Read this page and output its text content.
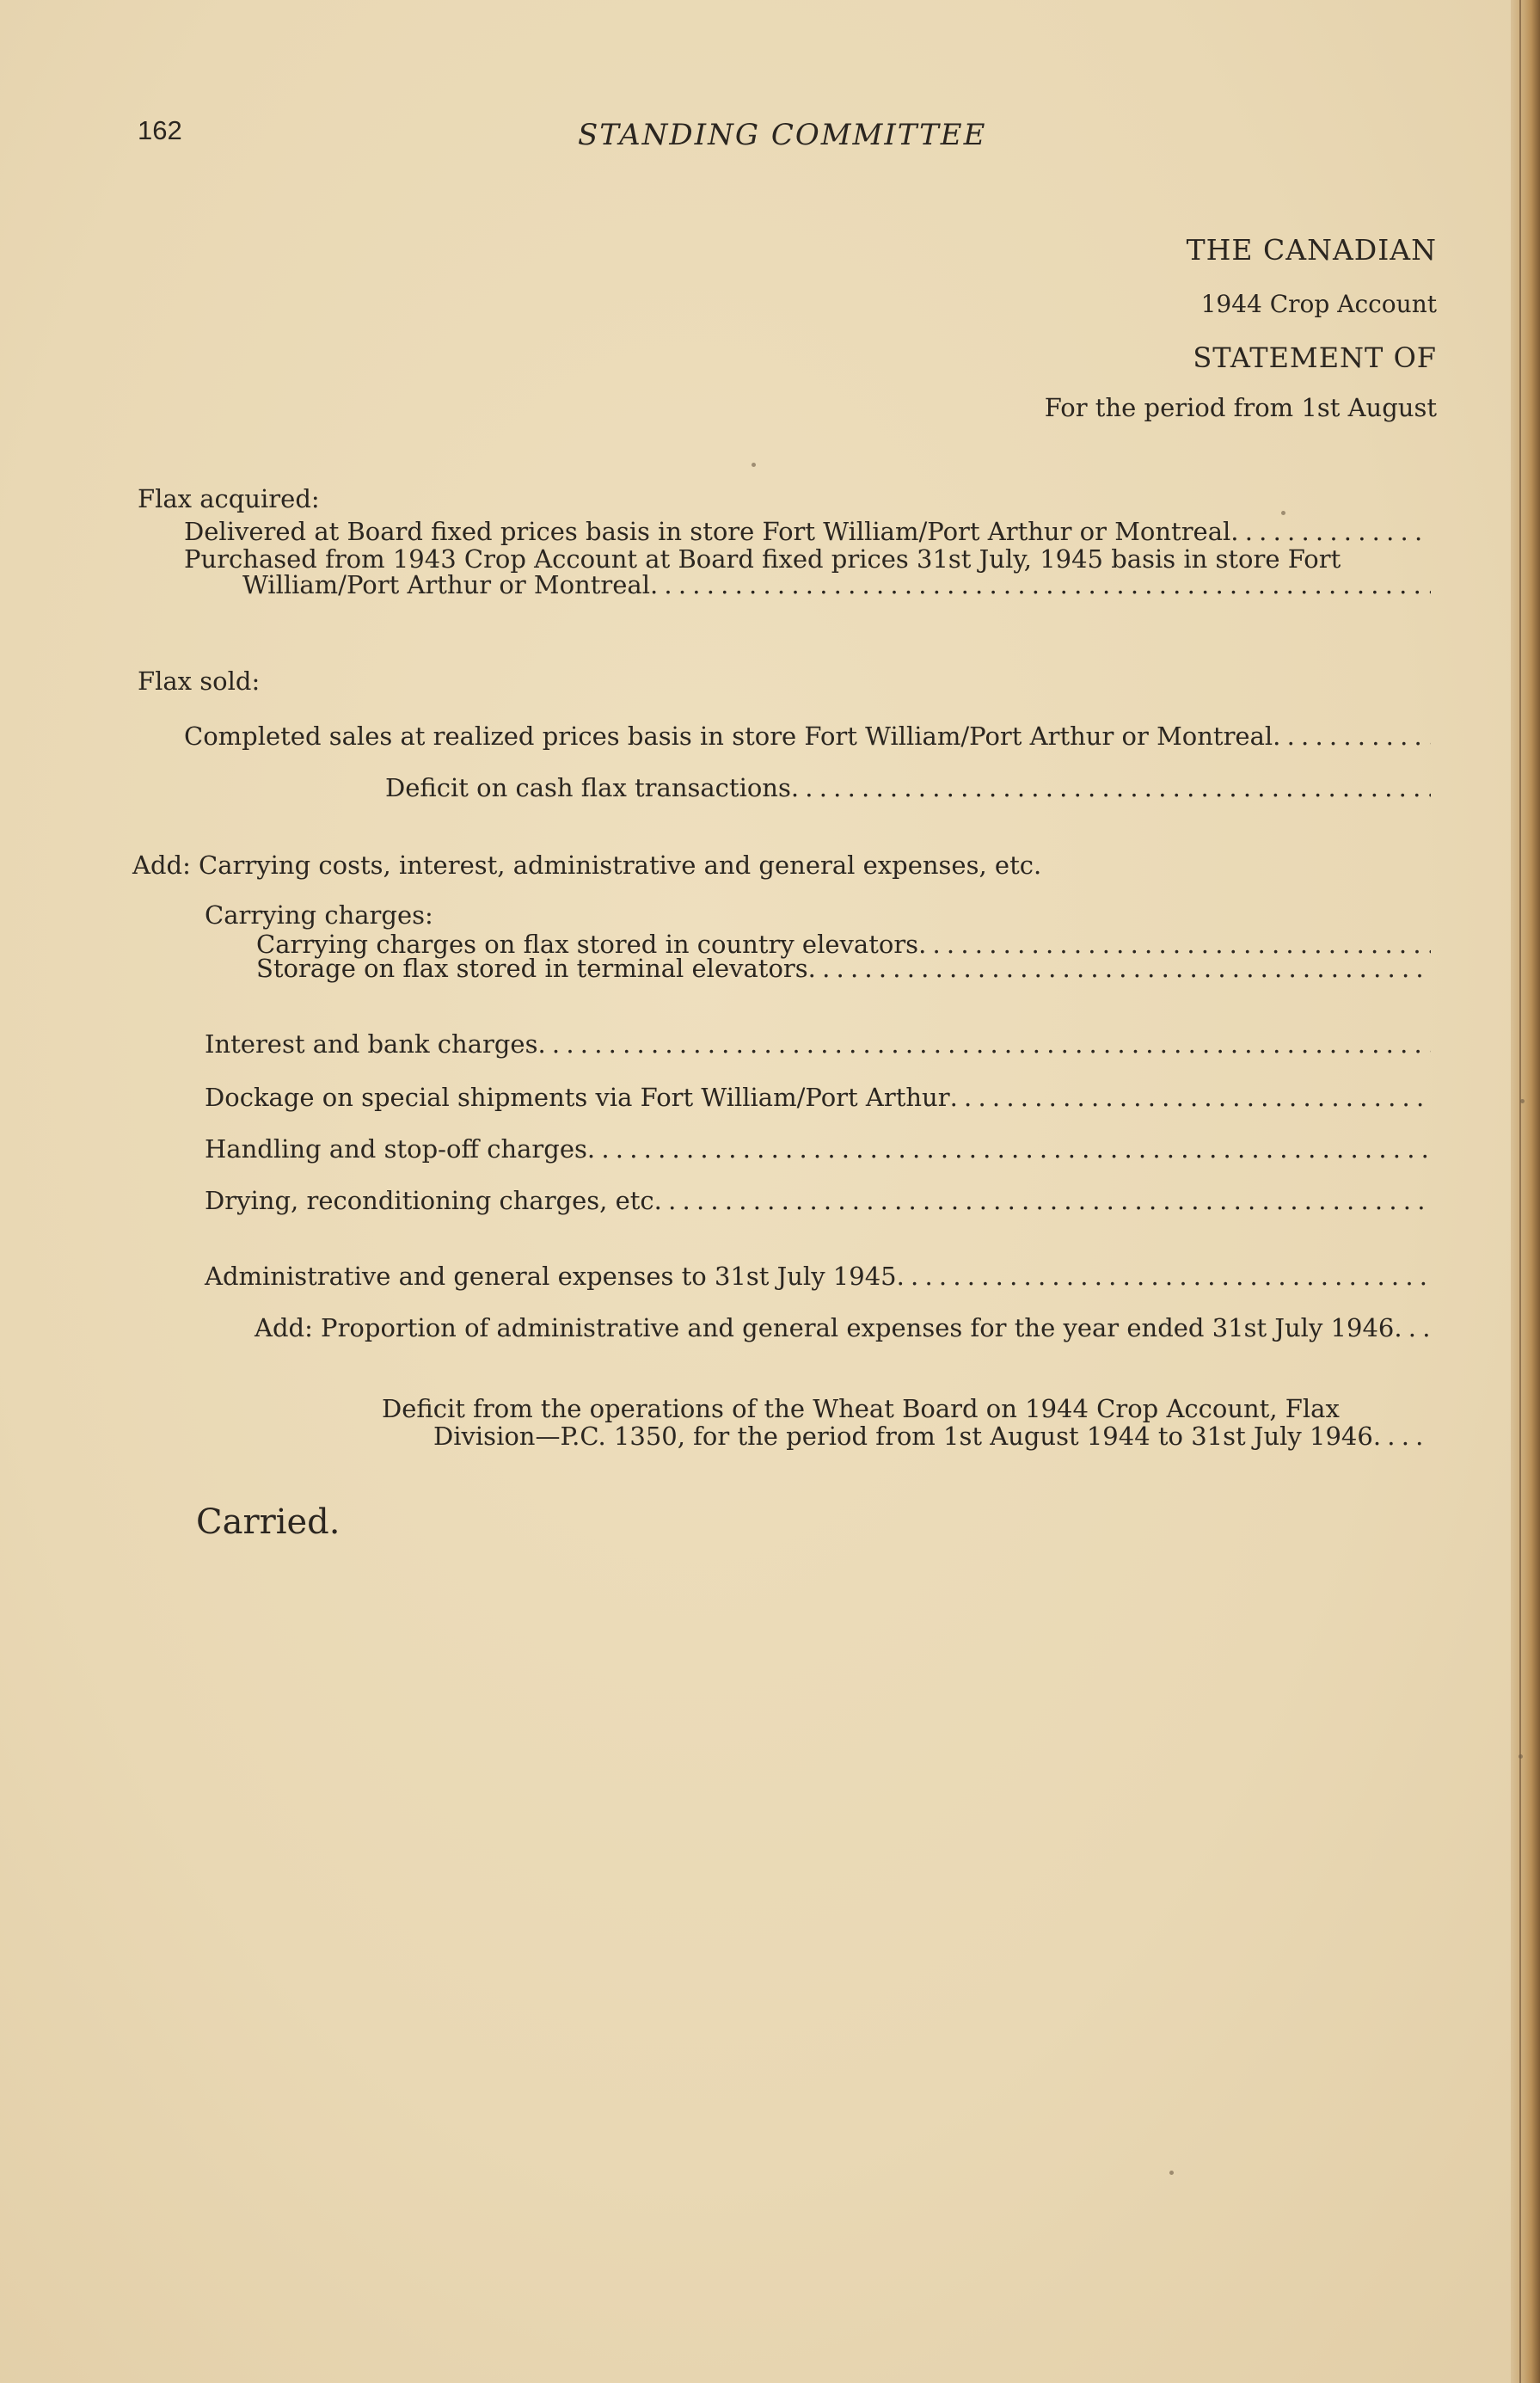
162	STANDING COMMITTEE
THE CANADIAN
1944 Crop Account
STATEMENT OF
For the period from 1st August
Flax acquired:
Delivered at Board fixed prices basis in store Fort William/Port Arthur or Montreal
. . .
Purchased from 1943 Crop Account at Board fixed prices 31st July, 1945 basis in store Fort
William/Port Arthur or Montreal
. . .
Flax sold:
Completed sales at realized prices basis in store Fort William/Port Arthur or Montreal
. . .
Deficit on cash flax transactions
. . .
Add: Carrying costs, interest, administrative and general expenses, etc.
Carrying charges:
Carrying charges on flax stored in country elevators
. . .
Storage on flax stored in terminal elevators
. . .
Interest and bank charges
. . .
Dockage on special shipments via Fort William/Port Arthur
. . .
Handling and stop-off charges
. . .
Drying, reconditioning charges, etc
. . .
Administrative and general expenses to 31st July 1945
. . .
Add: Proportion of administrative and general expenses for the year ended 31st July 1946
. . .
Deficit from the operations of the Wheat Board on 1944 Crop Account, Flax
Division—P.C. 1350, for the period from 1st August 1944 to 31st July 1946
. . .
Carried.
